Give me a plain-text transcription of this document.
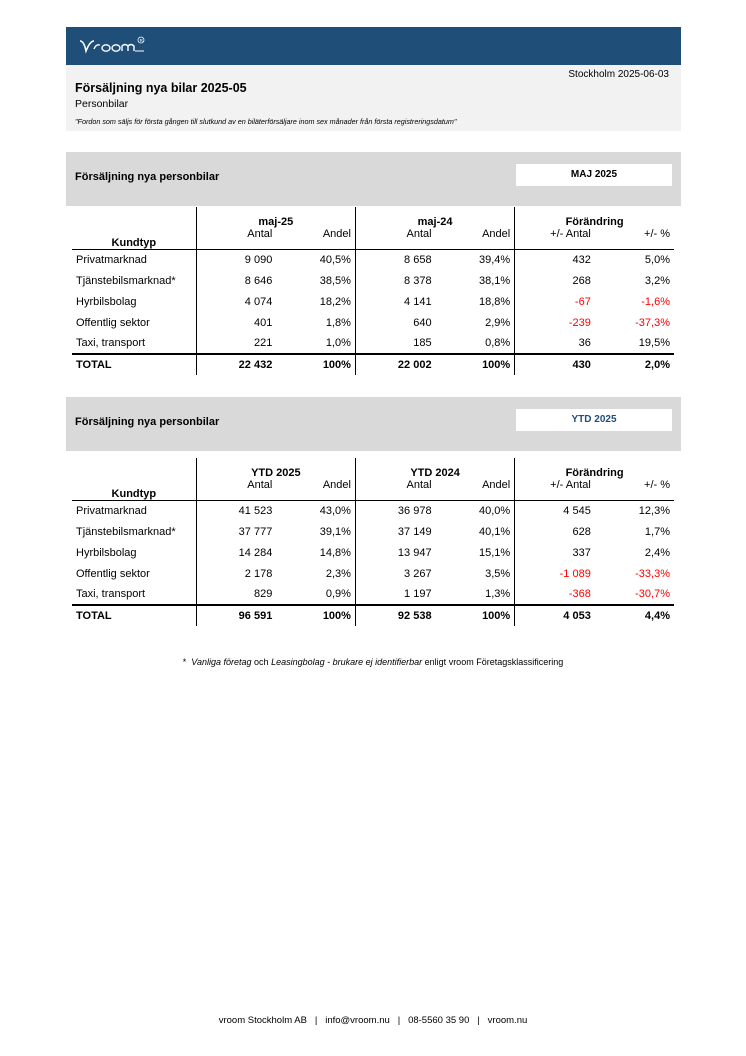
R
Stockholm 2025-06-03
Försäljning nya bilar 2025-05
Personbilar
"Fordon som säljs för första gången till slutkund av en biläterförsäljare inom sex månader från första registreringsdatum"
Försäljning nya personbilar	MAJ 2025
Kundtyp	maj-25		maj-24		Förändring	
	Antal	Andel	Antal	Andel	+/- Antal	+/- %
Privatmarknad	9 090	40,5%	8 658	39,4%	432	5,0%
Tjänstebilsmarknad*	8 646	38,5%	8 378	38,1%	268	3,2%
Hyrbilsbolag	4 074	18,2%	4 141	18,8%	-67	-1,6%
Offentlig sektor	401	1,8%	640	2,9%	-239	-37,3%
Taxi, transport	221	1,0%	185	0,8%	36	19,5%
TOTAL	22 432	100%	22 002	100%	430	2,0%
Försäljning nya personbilar	YTD 2025
Kundtyp	YTD 2025		YTD 2024		Förändring	
	Antal	Andel	Antal	Andel	+/- Antal	+/- %
Privatmarknad	41 523	43,0%	36 978	40,0%	4 545	12,3%
Tjänstebilsmarknad*	37 777	39,1%	37 149	40,1%	628	1,7%
Hyrbilsbolag	14 284	14,8%	13 947	15,1%	337	2,4%
Offentlig sektor	2 178	2,3%	3 267	3,5%	-1 089	-33,3%
Taxi, transport	829	0,9%	1 197	1,3%	-368	-30,7%
TOTAL	96 591	100%	92 538	100%	4 053	4,4%
* Vanliga företag och Leasingbolag - brukare ej identifierbar enligt vroom Företagsklassificering
vroom Stockholm AB   |   info@vroom.nu   |   08-5560 35 90   |   vroom.nu
